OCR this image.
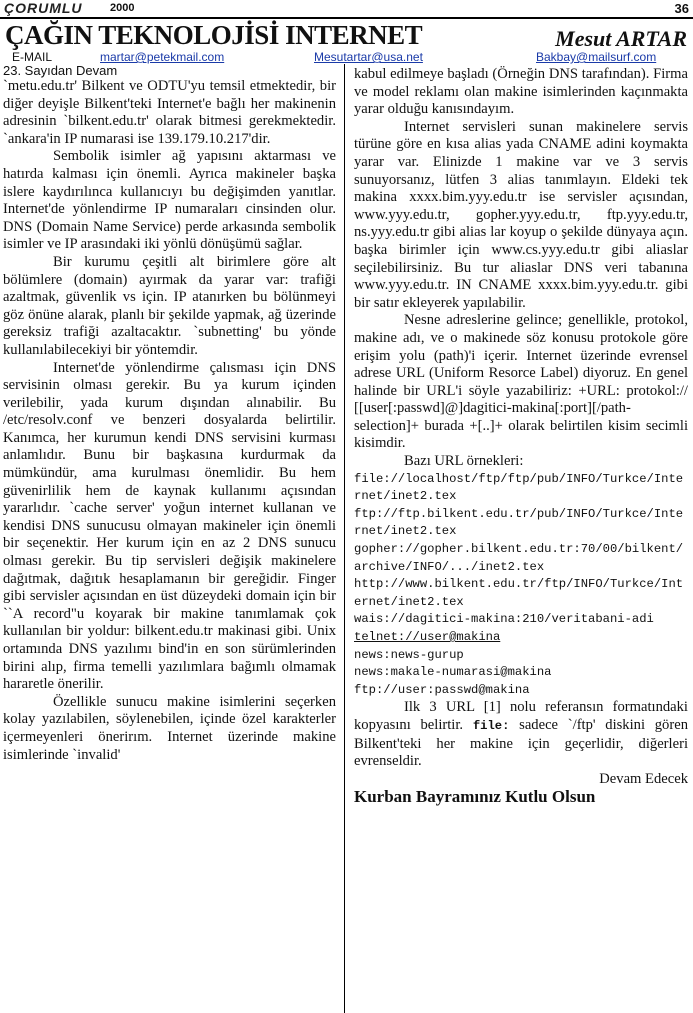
ÇORUMLU 2000	36
ÇAĞIN TEKNOLOJİSİ INTERNET	Mesut ARTAR
E-MAIL	martar@petekmail.com	Mesutartar@usa.net	Bakbay@mailsurf.com
23. Sayıdan Devam

`metu.edu.tr' Bilkent ve ODTU'yu temsil etmektedir, bir diğer deyişle Bilkent'teki Internet'e bağlı her makinenin adresinin `bilkent.edu.tr' olarak bitmesi gerekmektedir. `ankara'in IP numarasi ise 139.179.10.217'dir.

Sembolik isimler ağ yapısını aktarması ve hatırda kalması için önemli. Ayrıca makineler başka islere kaydırılınca kullanıcıyı bu değişimden yanıtlar. Internet'de yönlendirme IP numaraları cinsinden olur. DNS (Domain Name Service) perde arkasında sembolik isimler ve IP arasındaki iki yönlü dönüşümü sağlar.

Bir kurumu çeşitli alt birimlere göre alt bölümlere (domain) ayırmak da yarar var: trafiği azaltmak, güvenlik vs için. IP atanırken bu bölünmeyi göz önüne alarak, planlı bir şekilde yapmak, ağ üzerinde gereksiz trafiği azaltacaktır. `subnetting' bu yönde kullanılabilecekiyi bir yöntemdir.

Internet'de yönlendirme çalısması için DNS servisinin olması gerekir. Bu ya kurum içinden verilebilir, yada kurum dışından alınabilir. Bu /etc/resolv.conf ve benzeri dosyalarda belirtilir. Kanımca, her kurumun kendi DNS servisini kurması anlamlıdır. Bunu bir başkasına kurdurmak da mümkündür, ama kurulması önemlidir. Bu hem güvenirlilik hem de kaynak kullanımı açısından yararlıdır. `cache server' yoğun internet kullanan ve kendisi DNS sunucusu olmayan makineler için önemli bir seçenektir. Her kurum için en az 2 DNS sunucu olması gerekir. Bu tip servisleri değişik makinelere dağıtmak, dağıtık hesaplamanın bir gereğidir. Finger gibi servisler açısından en üst düzeydeki domain için bir ``A record"u koyarak bir makine tanımlamak çok kullanılan bir yoldur: bilkent.edu.tr makinasi gibi. Unix ortamında DNS yazılımı bind'in en son sürümlerinden birini alıp, firma temelli yazılımlara bağımlı olmamak hararetle önerilir.

Özellikle sunucu makine isimlerini seçerken kolay yazılabilen, söylenebilen, içinde özel karakterler içermeyenleri önerirım. Internet üzerinde makine isimlerinde `invalid'

kabul edilmeye başladı (Örneğin DNS tarafından). Firma ve model reklamı olan makine isimlerinden kaçınmakta yarar olduğu kanısındayım.

Internet servisleri sunan makinelere servis türüne göre en kısa alias yada CNAME adini koymakta yarar var. Elinizde 1 makine var ve 3 servis sunuyorsanız, lütfen 3 alias tanımlayın. Eldeki tek makina xxxx.bim.yyy.edu.tr ise servisler açısından, www.yyy.edu.tr, gopher.yyy.edu.tr, ftp.yyy.edu.tr, ns.yyy.edu.tr gibi alias lar koyup o şekilde dünyaya açın. başka birimler için www.cs.yyy.edu.tr gibi aliaslar seçilebilirsiniz. Bu tur aliaslar DNS veri tabanına www.yyy.edu.tr. IN CNAME xxxx.bim.yyy.edu.tr. gibi bir satır ekleyerek yapılabilir.

Nesne adreslerine gelince; genellikle, protokol, makine adı, ve o makinede söz konusu protokole göre erişim yolu (path)'i içerir. Internet üzerinde evrensel adrese URL (Uniform Resorce Label) diyoruz. En genel halinde bir URL'i söyle yazabiliriz: +URL: protokol:// [[user[:passwd]@]dagitici-makina[:port][/path-selection]+ burada +[..]+ olarak belirtilen kisim secimli kisimdir.

Bazı URL örnekleri:

file://localhost/ftp/ftp/pub/INFO/Turkce/Internet/inet2.tex
ftp://ftp.bilkent.edu.tr/pub/INFO/Turkce/Internet/inet2.tex
gopher://gopher.bilkent.edu.tr:70/00/bilkent/archive/INFO/.../inet2.tex
http://www.bilkent.edu.tr/ftp/INFO/Turkce/Internet/inet2.tex
wais://dagitici-makina:210/veritabani-adi
telnet://user@makina
news:news-gurup
news:makale-numarasi@makina
ftp://user:passwd@makina

Ilk 3 URL [1] nolu referansın formatındaki kopyasını belirtir. file: sadece `/ftp' diskini gören Bilkent'teki her makine için geçerlidir, diğerleri evrenseldir.

Devam Edecek

Kurban Bayramınız Kutlu Olsun
